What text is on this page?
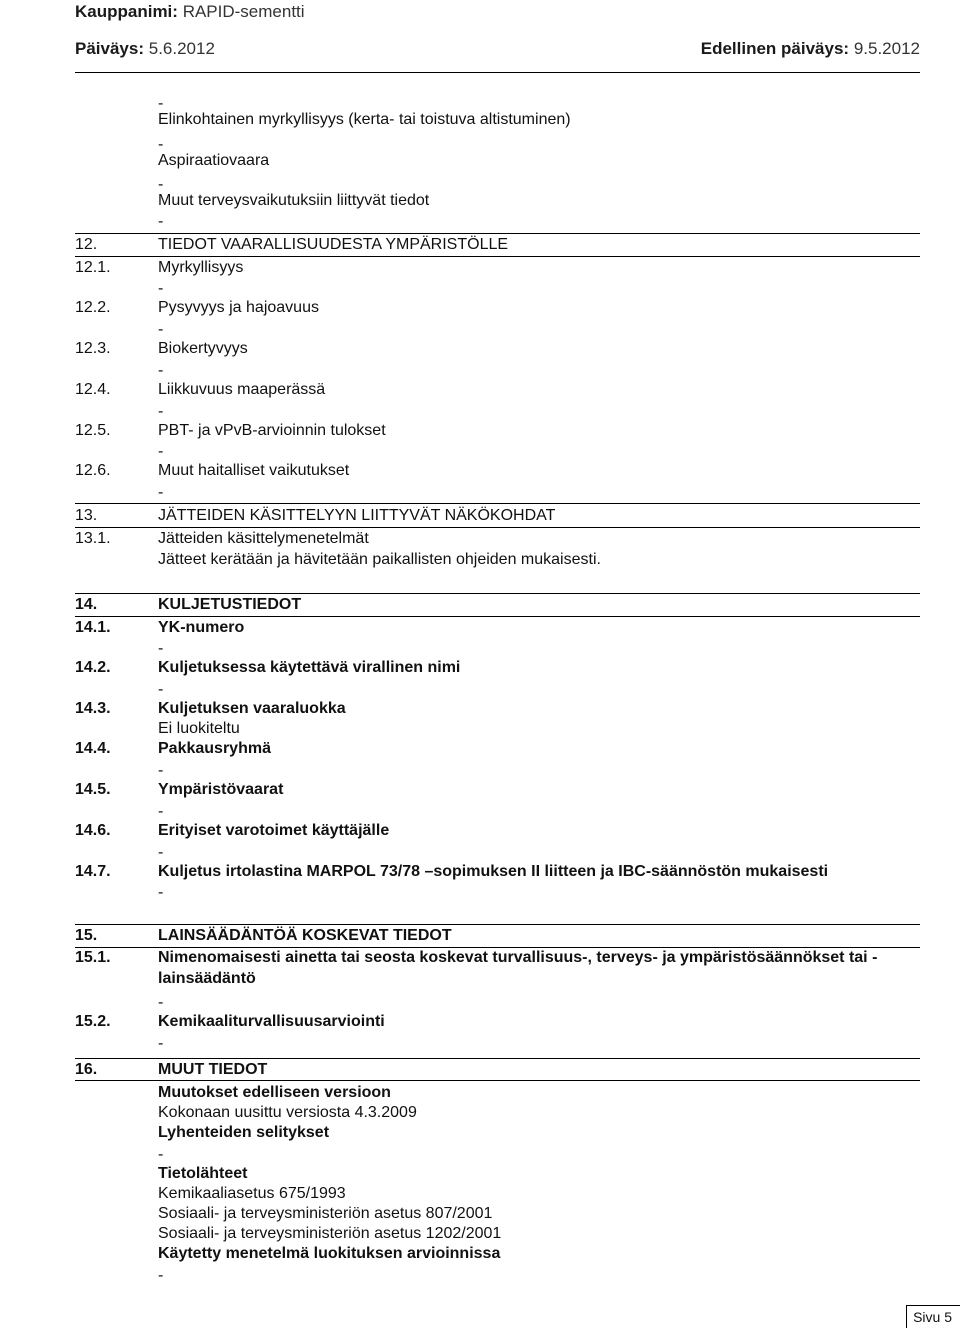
Kauppanimi: RAPID-sementti
Päiväys: 5.6.2012	Edellinen päiväys: 9.5.2012
-
Elinkohtainen myrkyllisyys (kerta- tai toistuva altistuminen)
-
Aspiraatiovaara
-
Muut terveysvaikutuksiin liittyvät tiedot
-
12.	TIEDOT VAARALLISUUDESTA YMPÄRISTÖLLE
12.1.	Myrkyllisyys
-
12.2.	Pysyvyys ja hajoavuus
-
12.3.	Biokertyvyys
-
12.4.	Liikkuvuus maaperässä
-
12.5.	PBT- ja vPvB-arvioinnin tulokset
-
12.6.	Muut haitalliset vaikutukset
-
13.	JÄTTEIDEN KÄSITTELYYN LIITTYVÄT NÄKÖKOHDAT
13.1.	Jätteiden käsittelymenetelmät
Jätteet kerätään ja hävitetään paikallisten ohjeiden mukaisesti.
14.	KULJETUSTIEDOT
14.1.	YK-numero
-
14.2.	Kuljetuksessa käytettävä virallinen nimi
-
14.3.	Kuljetuksen vaaraluokka
Ei luokiteltu
14.4.	Pakkausryhmä
-
14.5.	Ympäristövaarat
-
14.6.	Erityiset varotoimet käyttäjälle
-
14.7.	Kuljetus irtolastina MARPOL 73/78 –sopimuksen II liitteen ja IBC-säännöstön mukaisesti
-
15.	LAINSÄÄDÄNTÖÄ KOSKEVAT TIEDOT
15.1.	Nimenomaisesti ainetta tai seosta koskevat turvallisuus-, terveys- ja ympäristösäännökset tai -
lainsäädäntö
-
15.2.	Kemikaaliturvallisuusarviointi
-
16.	MUUT TIEDOT
Muutokset edelliseen versioon
Kokonaan uusittu versiosta 4.3.2009
Lyhenteiden selitykset
-
Tietolähteet
Kemikaaliasetus 675/1993
Sosiaali- ja terveysministeriön asetus 807/2001
Sosiaali- ja terveysministeriön asetus 1202/2001
Käytetty menetelmä luokituksen arvioinnissa
-
Sivu 5
